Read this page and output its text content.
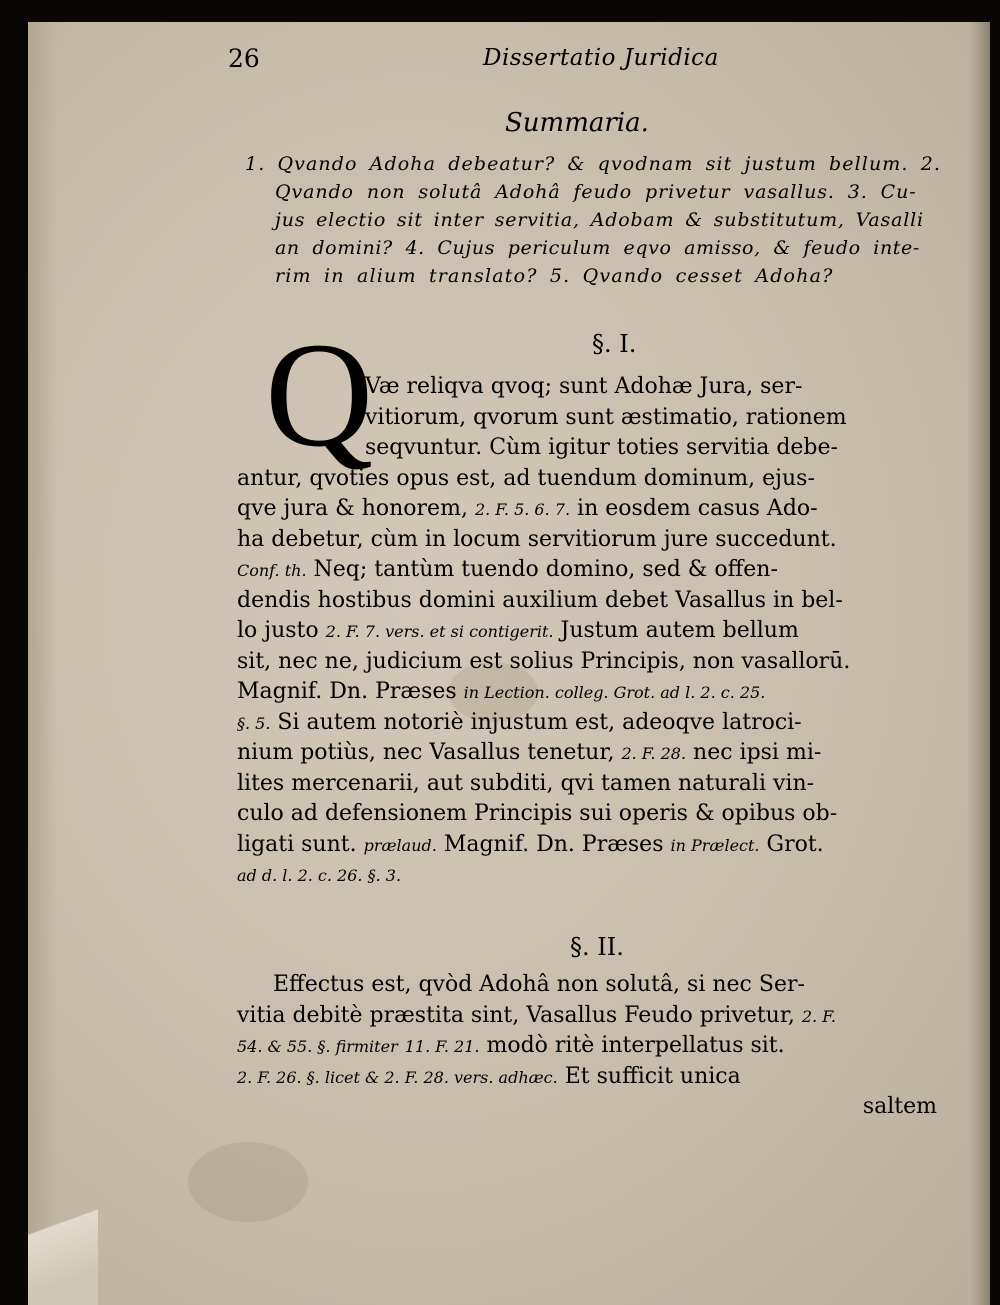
26	Dissertatio Juridica
Summaria.
1. Qvando Adoha debeatur? & qvodnam sit justum bellum. 2.
Qvando non solutâ Adohâ feudo privetur vasallus. 3. Cu-
jus electio sit inter servitia, Adobam & substitutum, Vasalli
an domini? 4. Cujus periculum eqvo amisso, & feudo inte-
rim in alium translato? 5. Qvando cesset Adoha?
§. I.
Q
Væ reliqva qvoq; sunt Adohæ Jura, ser-
vitiorum, qvorum sunt æstimatio, rationem
seqvuntur. Cùm igitur toties servitia debe-
antur, qvoties opus est, ad tuendum dominum, ejus-
qve jura & honorem, 2. F. 5. 6. 7. in eosdem casus Ado-
ha debetur, cùm in locum servitiorum jure succedunt.
Conf. th. Neq; tantùm tuendo domino, sed & offen-
dendis hostibus domini auxilium debet Vasallus in bel-
lo justo 2. F. 7. vers. et si contigerit. Justum autem bellum
sit, nec ne, judicium est solius Principis, non vasallorū.
Magnif. Dn. Præses in Lection. colleg. Grot. ad l. 2. c. 25.
§. 5. Si autem notoriè injustum est, adeoqve latroci-
nium potiùs, nec Vasallus tenetur, 2. F. 28. nec ipsi mi-
lites mercenarii, aut subditi, qvi tamen naturali vin-
culo ad defensionem Principis sui operis & opibus ob-
ligati sunt. prælaud. Magnif. Dn. Præses in Prælect. Grot.
ad d. l. 2. c. 26. §. 3.
§. II.
Effectus est, qvòd Adohâ non solutâ, si nec Ser-
vitia debitè præstita sint, Vasallus Feudo privetur, 2. F.
54. & 55. §. firmiter 11. F. 21. modò ritè interpellatus sit.
2. F. 26. §. licet & 2. F. 28. vers. adhæc. Et sufficit unica
saltem
